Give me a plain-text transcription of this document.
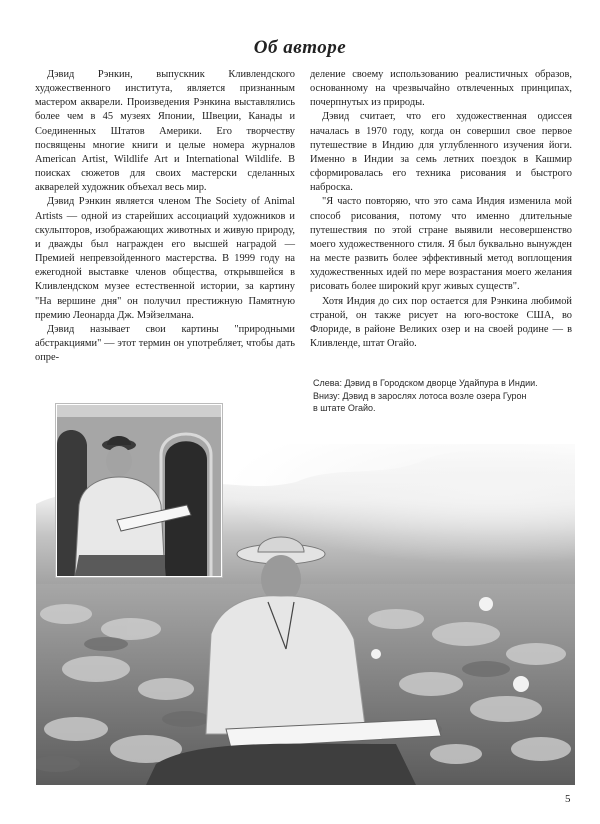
Об авторе

Дэвид Рэнкин, выпускник Кливлендского художественного института, является признанным мастером акварели. Произведения Рэнкина выставлялись более чем в 45 музеях Японии, Швеции, Канады и Соединенных Штатов Америки. Его творчеству посвящены многие книги и целые номера журналов American Artist, Wildlife Art и International Wildlife. В поисках сюжетов для своих мастерски сделанных акварелей художник объехал весь мир.

Дэвид Рэнкин является членом The Society of Animal Artists — одной из старейших ассоциаций художников и скульпторов, изображающих животных и живую природу, и дважды был награжден его высшей наградой — Премией непревзойденного мастерства. В 1999 году на ежегодной выставке членов общества, открывшейся в Кливлендском музее естественной истории, за картину "На вершине дня" он получил престижную Памятную премию Леонарда Дж. Мэйзелмана.

Дэвид называет свои картины "природными абстракциями" — этот термин он употребляет, чтобы дать опре-

деление своему использованию реалистичных образов, основанному на чрезвычайно отвлеченных принципах, почерпнутых из природы.

Дэвид считает, что его художественная одиссея началась в 1970 году, когда он совершил свое первое путешествие в Индию для углубленного изучения йоги. Именно в Индии за семь летних поездок в Кашмир сформировалась его техника рисования и быстрого наброска.

"Я часто повторяю, что это сама Индия изменила мой способ рисования, потому что именно длительные путешествия по этой стране выявили несовершенство моего художественного стиля. Я был буквально вынужден на месте развить более эффективный метод воплощения художественных идей по мере возрастания моего желания рисовать более широкий круг живых существ".

Хотя Индия до сих пор остается для Рэнкина любимой страной, он также рисует на юго-востоке США, во Флориде, в районе Великих озер и на своей родине — в Кливленде, штат Огайо.

Слева: Дэвид в Городском дворце Удайпура в Индии.
Внизу: Дэвид в зарослях лотоса возле озера Гурон
в штате Огайо.
5
